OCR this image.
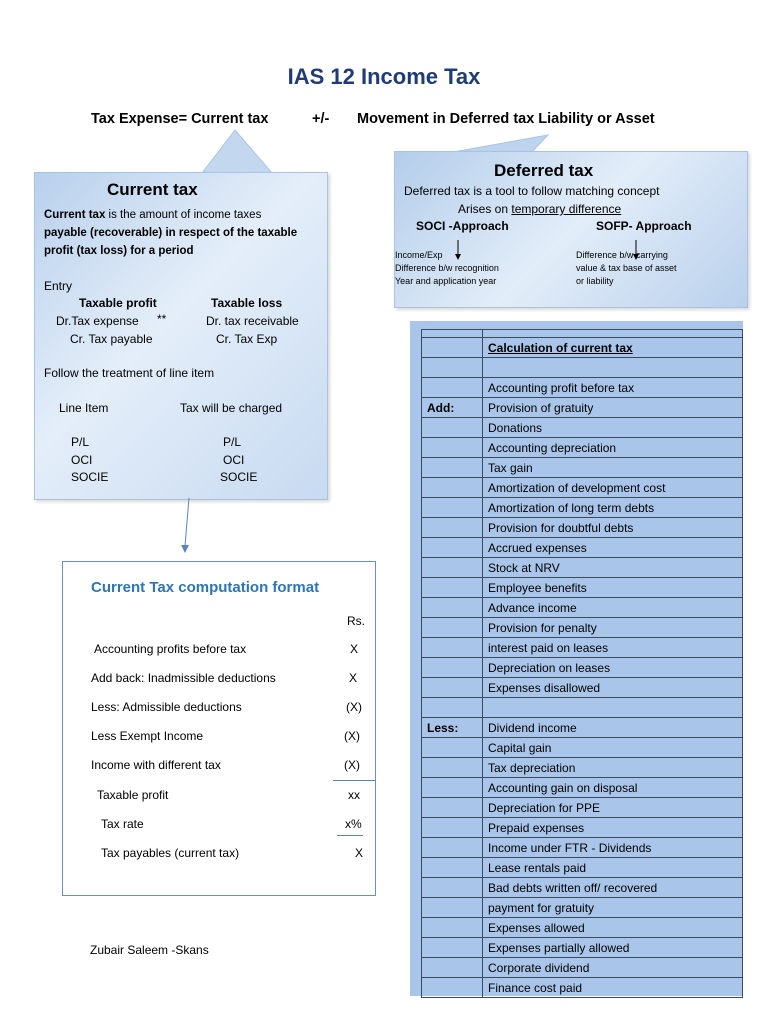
IAS 12 Income Tax
Tax Expense= Current tax	+/- Movement in Deferred tax Liability or Asset
Current tax
Current tax is the amount of income taxes
payable (recoverable) in respect of the taxable
profit (tax loss) for a period
Entry
Taxable profit	Taxable loss
Dr.Tax expense **	Dr. tax receivable
Cr. Tax payable	Cr. Tax Exp
Follow the treatment of line item
Line Item	Tax will be charged
P/L
OCI
SOCIE
P/L
OCI
SOCIE
Deferred tax
Deferred tax is a tool to follow matching concept
Arises on temporary difference
SOCI -Approach	SOFP- Approach
Income/Exp
Difference b/w recognition
Year and application year
Difference b/w carrying
value & tax base of asset
or liability
Current Tax computation format
Rs.
Accounting profits before tax	X
Add back: Inadmissible deductions	X
Less: Admissible deductions	(X)
Less Exempt Income	(X)
Income with different tax	(X)
Taxable profit	xx
Tax rate	x%
Tax payables (current tax)	X
Zubair Saleem -Skans

	Calculation of current tax

	Accounting profit before tax
Add:	Provision of gratuity
	Donations
	Accounting depreciation
	Tax gain
	Amortization of development cost
	Amortization of long term debts
	Provision for doubtful debts
	Accrued expenses
	Stock at NRV
	Employee benefits
	Advance income
	Provision for penalty
	interest paid on leases
	Depreciation on leases
	Expenses disallowed

Less:	Dividend income
	Capital gain
	Tax depreciation
	Accounting gain on disposal
	Depreciation for PPE
	Prepaid expenses
	Income under FTR - Dividends
	Lease rentals paid
	Bad debts written off/ recovered
	payment for gratuity
	Expenses allowed
	Expenses partially allowed
	Corporate dividend
	Finance cost paid
